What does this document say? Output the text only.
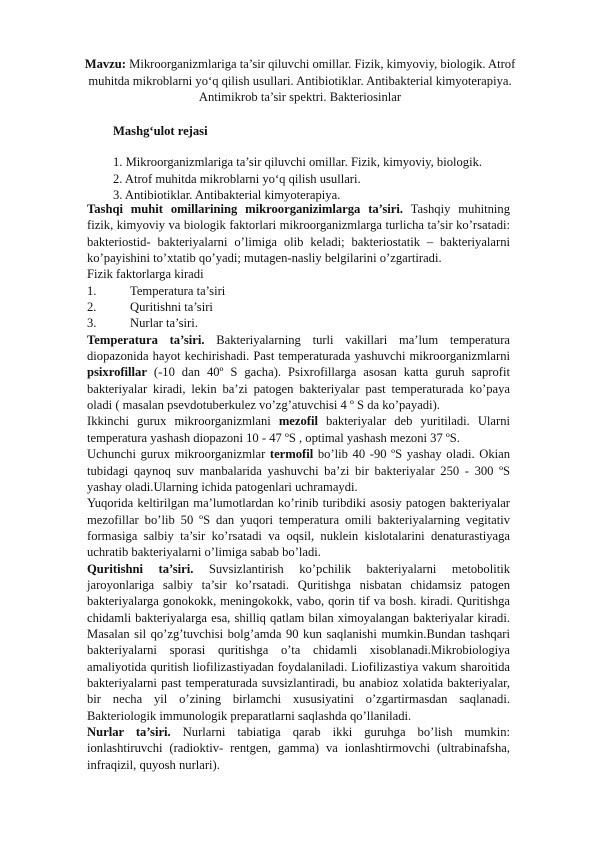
Mavzu: Mikroorganizmlariga ta’sir qiluvchi omillar. Fizik, kimyoviy, biologik. Atrof muhitda mikroblarni yo‘q qilish usullari. Antibiotiklar. Antibakterial kimyoterapiya. Antimikrob ta’sir spektri. Bakteriosinlar
Mashg‘ulot rejasi
1. Mikroorganizmlariga ta’sir qiluvchi omillar. Fizik, kimyoviy, biologik.
2. Atrof muhitda mikroblarni yo‘q qilish usullari.
3. Antibiotiklar. Antibakterial kimyoterapiya.

Tashqi muhit omillarining mikroorganizimlarga ta’siri. Tashqiy muhitning fizik, kimyoviy va biologik faktorlari mikroorganizmlarga turlicha ta’sir ko’rsatadi: bakteriostid- bakteriyalarni o’limiga olib keladi; bakteriostatik – bakteriyalarni ko’payishini to’xtatib qo’yadi; mutagen-nasliy belgilarini o’zgartiradi.

Fizik faktorlarga kiradi

1.	Temperatura ta’siri
2.	Quritishni ta’siri
3.	Nurlar ta’siri.

Temperatura ta’siri. Bakteriyalarning turli vakillari ma’lum temperatura diopazonida hayot kechirishadi. Past temperaturada yashuvchi mikroorganizmlarni psixrofillar (-10 dan 40º S gacha). Psixrofillarga asosan katta guruh saprofit bakteriyalar kiradi, lekin ba’zi patogen bakteriyalar past temperaturada ko’paya oladi ( masalan psevdotuberkulez vo’zg’atuvchisi 4 º S da ko’payadi).

Ikkinchi gurux mikroorganizmlani mezofil bakteriyalar deb yuritiladi. Ularni temperatura yashash diopazoni 10 - 47 ºS , optimal yashash mezoni 37 ºS.

Uchunchi gurux mikroorganizmlar termofil bo’lib 40 -90 ºS yashay oladi. Okian tubidagi qaynoq suv manbalarida yashuvchi ba’zi bir bakteriyalar 250 - 300 ºS yashay oladi.Ularning ichida patogenlari uchramaydi.

Yuqorida keltirilgan ma’lumotlardan ko’rinib turibdiki asosiy patogen bakteriyalar mezofillar bo’lib 50 ºS dan yuqori temperatura omili bakteriyalarning vegitativ formasiga salbiy ta’sir ko’rsatadi va oqsil, nuklein kislotalarini denaturastiyaga uchratib bakteriyalarni o’limiga sabab bo’ladi.

Quritishni ta’siri. Suvsizlantirish ko’pchilik bakteriyalarni metobolitik jaroyonlariga salbiy ta’sir ko’rsatadi. Quritishga nisbatan chidamsiz patogen bakteriyalarga gonokokk, meningokokk, vabo, qorin tif va bosh. kiradi. Quritishga chidamli bakteriyalarga esa, shilliq qatlam bilan ximoyalangan bakteriyalar kiradi. Masalan sil qo’zg’tuvchisi bolg’amda 90 kun saqlanishi mumkin.Bundan tashqari bakteriyalarni sporasi quritishga o’ta chidamli xisoblanadi.Mikrobiologiya amaliyotida quritish liofilizastiyadan foydalaniladi. Liofilizastiya vakum sharoitida bakteriyalarni past temperaturada suvsizlantiradi, bu anabioz xolatida bakteriyalar, bir necha yil o’zining birlamchi xususiyatini o’zgartirmasdan saqlanadi. Bakteriologik immunologik preparatlarni saqlashda qo’llaniladi.

Nurlar ta’siri. Nurlarni tabiatiga qarab ikki guruhga bo’lish mumkin: ionlashtiruvchi (radioktiv- rentgen, gamma) va ionlashtirmovchi (ultrabinafsha, infraqizil, quyosh nurlari).
